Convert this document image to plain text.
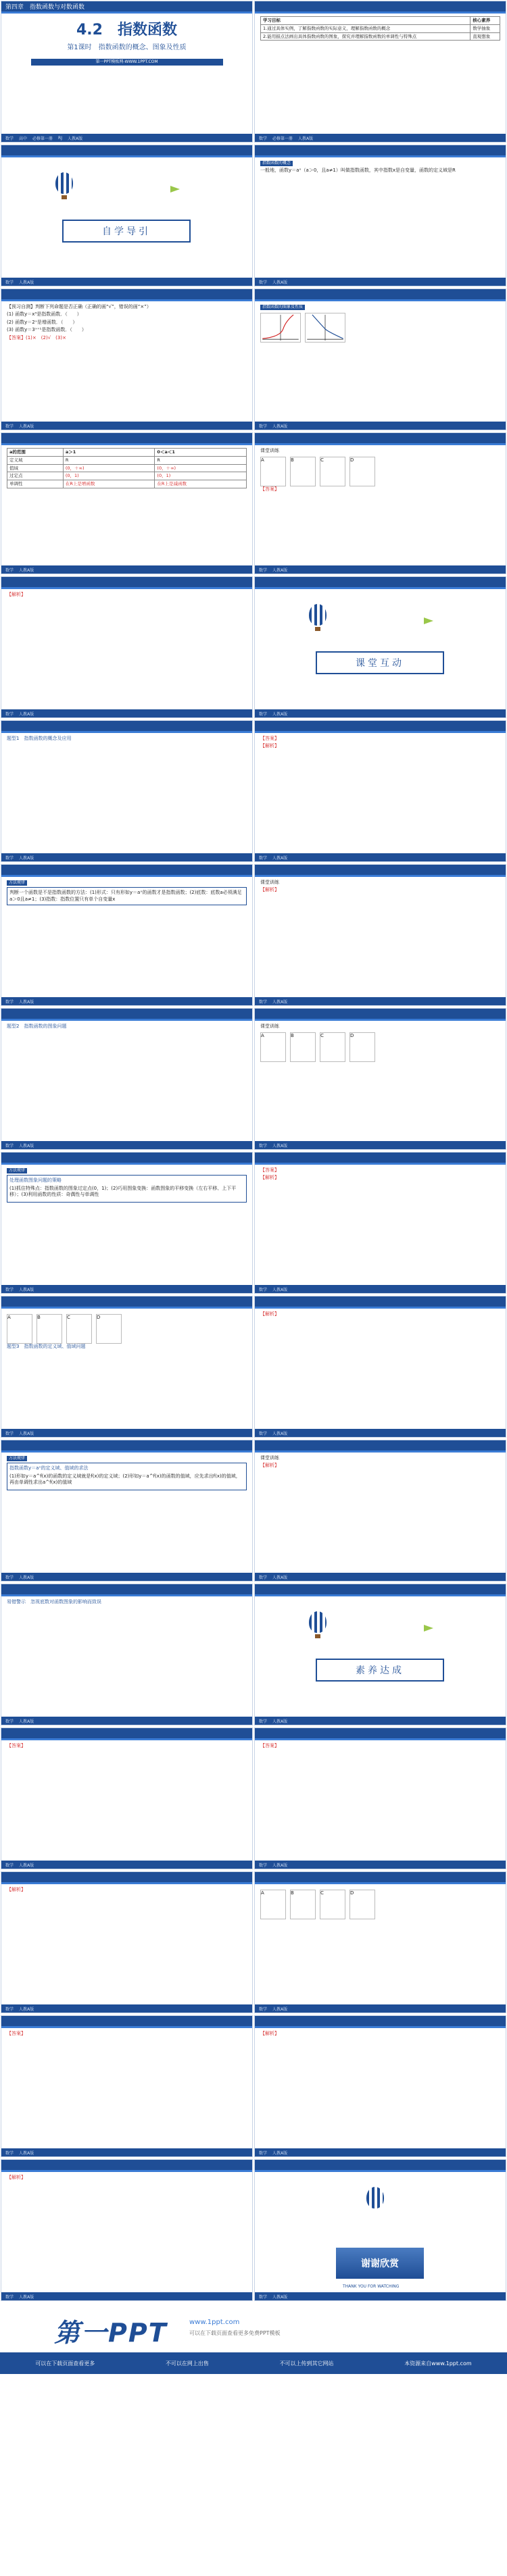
第四章　指数函数与对数函数
4.2　指数函数
第1课时　指数函数的概念、图象及性质
第一PPT模板网-WWW.1PPT.COM
数学 高中 必修第一册 RJ 人教A版
学习目标	核心素养
1.通过具体实例，了解指数函数的实际意义，理解指数函数的概念	数学抽象
2.能用描点法画出具体指数函数的图象，探究并理解指数函数的单调性与特殊点	直观想象
数学 必修第一册 人教A版
自学导引
数学 人教A版

指数函数的概念

一般地，函数y＝aˣ（a＞0，且a≠1）叫做指数函数，其中指数x是自变量，函数的定义域是R

数学 人教A版

【预习自测】判断下列命题是否正确（正确的画“√”，错误的画“×”）

(1) 函数y＝x³是指数函数．（　　）

(2) 函数y＝2ˣ是增函数．（　　）

(3) 函数y＝3ˣ⁺¹是指数函数．（　　）

【答案】(1)×　(2)√　(3)×

数学 人教A版

指数函数的图象及性质

数学 人教A版
a的范围	a＞1	0＜a＜1
定义域	R	R
值域	(0，＋∞)	(0，＋∞)
过定点	(0，1)	(0，1)
单调性	在R上是增函数	在R上是减函数
数学 人教A版

课堂训练

A	B	C	D

【答案】

数学 人教A版

【解析】

数学 人教A版
课堂互动
数学 人教A版

题型1　指数函数的概念及应用

数学 人教A版

【答案】

【解析】

数学 人教A版

方法规律

判断一个函数是不是指数函数的方法：(1)形式：只有形如y＝aˣ的函数才是指数函数；(2)底数：底数a必须满足a＞0且a≠1；(3)指数：指数位置只有单个自变量x
数学 人教A版

课堂训练

【解析】

数学 人教A版

题型2　指数函数的图象问题

数学 人教A版

课堂训练

A	B	C	D
数学 人教A版

方法规律

处理函数图象问题的策略

(1)抓住特殊点：指数函数的图象过定点(0，1)；(2)巧用图象变换：函数图象的平移变换（左右平移、上下平移）；(3)利用函数的性质：奇偶性与单调性

数学 人教A版

【答案】

【解析】

数学 人教A版
A	B	C	D

题型3　指数函数的定义域、值域问题

数学 人教A版

【解析】

数学 人教A版

方法规律

指数函数y＝aˣ的定义域、值域的求法

(1)形如y＝a^f(x)的函数的定义域就是f(x)的定义域；(2)形如y＝a^f(x)的函数的值域，应先求出f(x)的值域，再由单调性求出a^f(x)的值域

数学 人教A版

课堂训练

【解析】

数学 人教A版

易错警示　忽视底数对函数图象的影响而致误

数学 人教A版
素养达成
数学 人教A版

【答案】

数学 人教A版

【答案】

数学 人教A版

【解析】

数学 人教A版
A	B	C	D
数学 人教A版

【答案】

数学 人教A版

【解析】

数学 人教A版

【解析】

数学 人教A版
谢谢欣赏
THANK YOU FOR WATCHING
数学 人教A版
第一PPT	www.1ppt.com
可以在下载页面查看更多免费PPT模板
可以在下载页面查看更多	不可以在网上出售	不可以上传到其它网站	本资源来自www.1ppt.com
